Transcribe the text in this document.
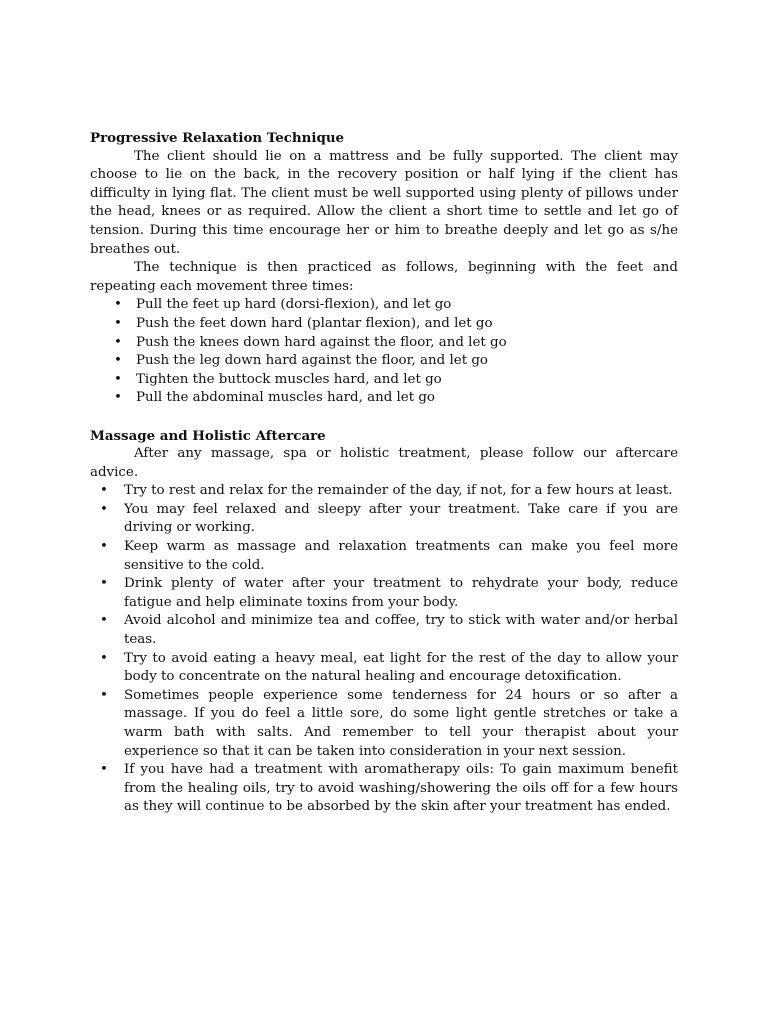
Progressive Relaxation Technique

The client should lie on a mattress and be fully supported. The client may choose to lie on the back, in the recovery position or half lying if the client has difficulty in lying flat. The client must be well supported using plenty of pillows under the head, knees or as required. Allow the client a short time to settle and let go of tension. During this time encourage her or him to breathe deeply and let go as s/he breathes out.

The technique is then practiced as follows, beginning with the feet and repeating each movement three times:

• Pull the feet up hard (dorsi-flexion), and let go
• Push the feet down hard (plantar flexion), and let go
• Push the knees down hard against the floor, and let go
• Push the leg down hard against the floor, and let go
• Tighten the buttock muscles hard, and let go
• Pull the abdominal muscles hard, and let go
Massage and Holistic Aftercare

After any massage, spa or holistic treatment, please follow our aftercare advice.

• Try to rest and relax for the remainder of the day, if not, for a few hours at least.
• You may feel relaxed and sleepy after your treatment. Take care if you are driving or working.
• Keep warm as massage and relaxation treatments can make you feel more sensitive to the cold.
• Drink plenty of water after your treatment to rehydrate your body, reduce fatigue and help eliminate toxins from your body.
• Avoid alcohol and minimize tea and coffee, try to stick with water and/or herbal teas.
• Try to avoid eating a heavy meal, eat light for the rest of the day to allow your body to concentrate on the natural healing and encourage detoxification.
• Sometimes people experience some tenderness for 24 hours or so after a massage. If you do feel a little sore, do some light gentle stretches or take a warm bath with salts. And remember to tell your therapist about your experience so that it can be taken into consideration in your next session.
• If you have had a treatment with aromatherapy oils: To gain maximum benefit from the healing oils, try to avoid washing/showering the oils off for a few hours as they will continue to be absorbed by the skin after your treatment has ended.
